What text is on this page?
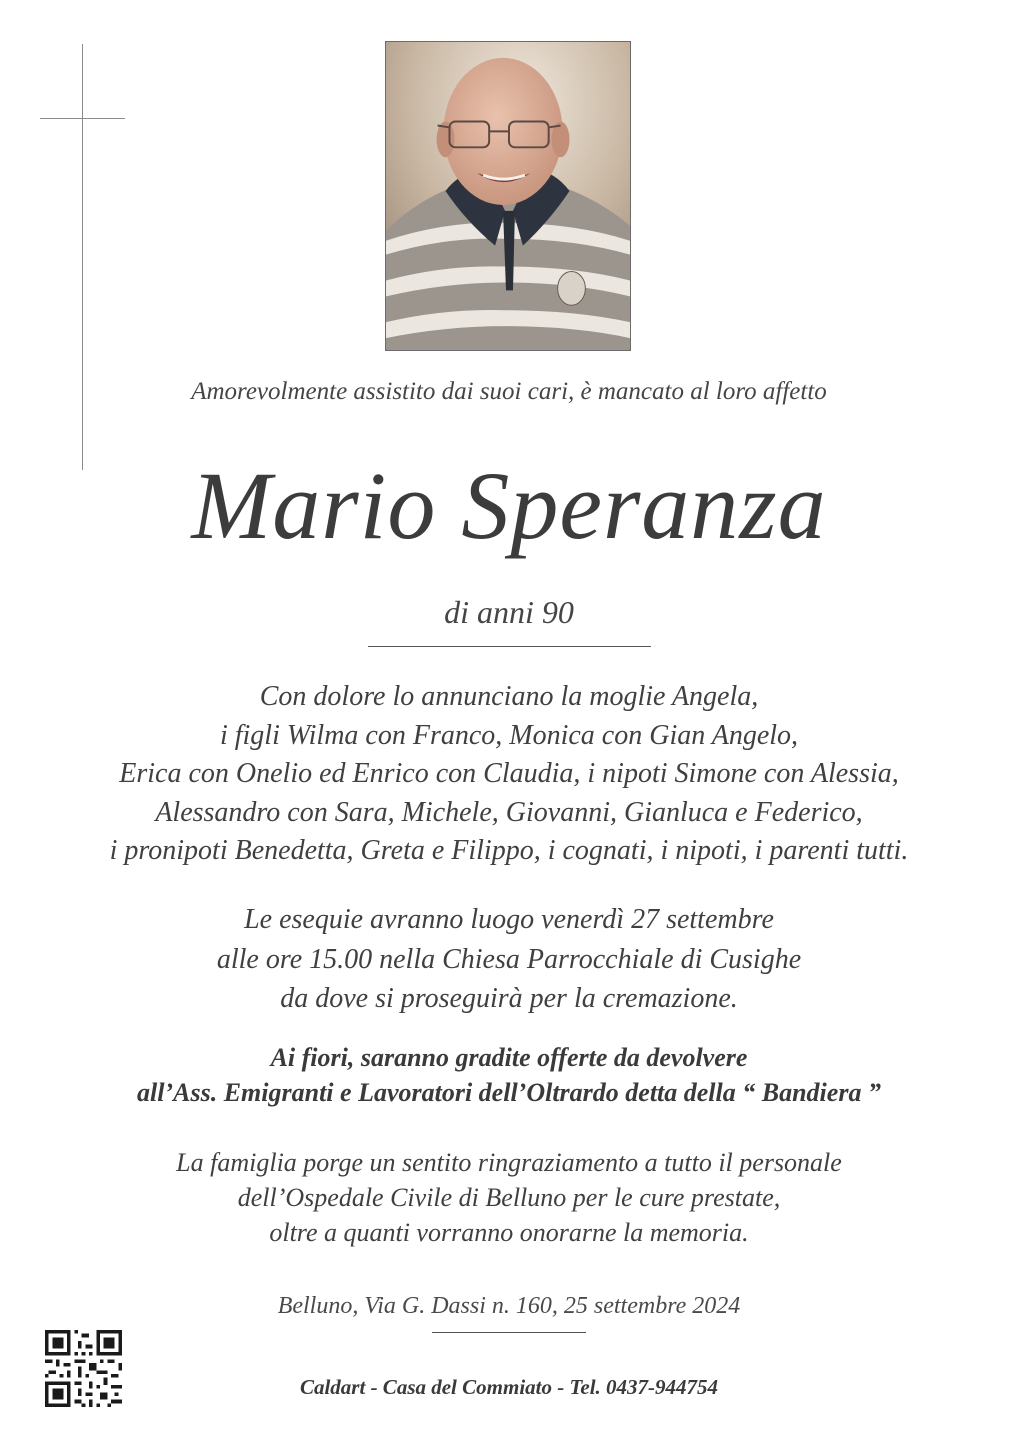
Amorevolmente assistito dai suoi cari, è mancato al loro affetto
Mario Speranza
di anni 90
Con dolore lo annunciano la moglie Angela,
i figli Wilma con Franco, Monica con Gian Angelo,
Erica con Onelio ed Enrico con Claudia, i nipoti Simone con Alessia,
Alessandro con Sara, Michele, Giovanni, Gianluca e Federico,
i pronipoti Benedetta, Greta e Filippo, i cognati, i nipoti, i parenti tutti.
Le esequie avranno luogo venerdì 27 settembre
alle ore 15.00 nella Chiesa Parrocchiale di Cusighe
da dove si proseguirà per la cremazione.
Ai fiori, saranno gradite offerte da devolvere
all’Ass. Emigranti e Lavoratori dell’Oltrardo detta della “ Bandiera ”
La famiglia porge un sentito ringraziamento a tutto il personale
dell’Ospedale Civile di Belluno per le cure prestate,
oltre a quanti vorranno onorarne la memoria.
Belluno, Via G. Dassi n. 160, 25 settembre 2024
Caldart - Casa del Commiato - Tel. 0437-944754
